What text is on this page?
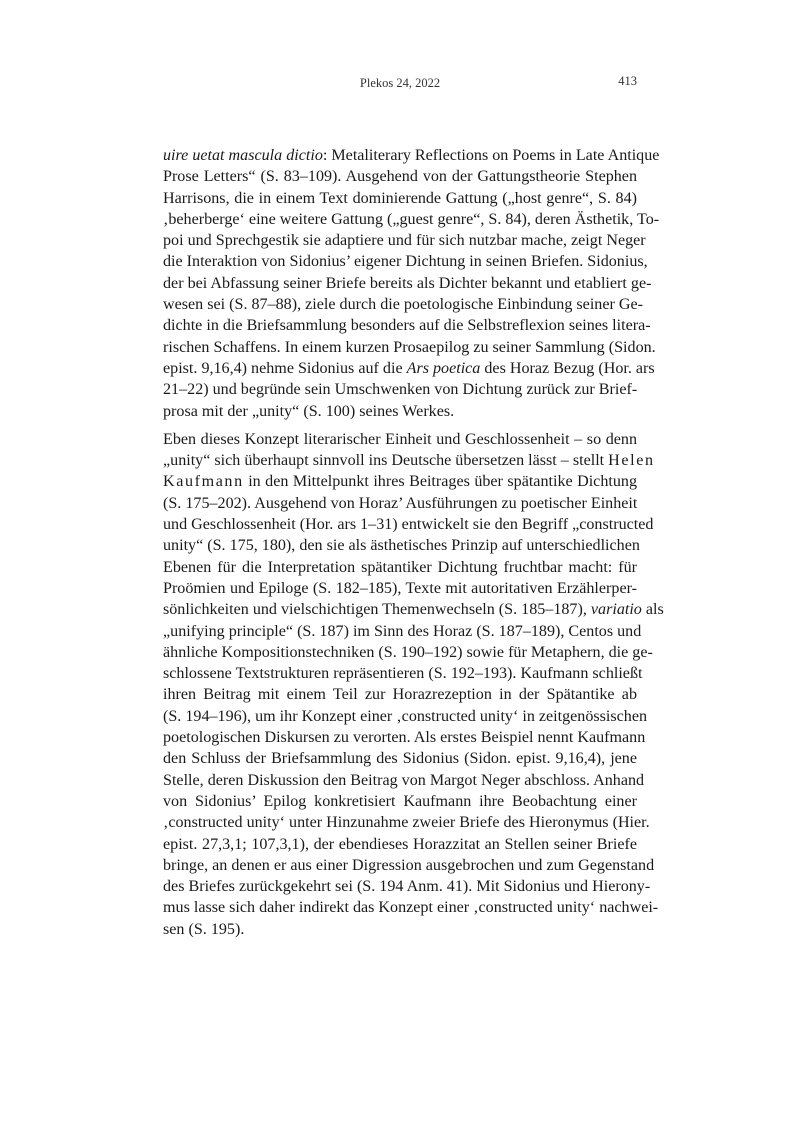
Plekos 24, 2022	413

uire uetat mascula dictio: Metaliterary Reflections on Poems in Late Antique
Prose Letters“ (S. 83–109). Ausgehend von der Gattungstheorie Stephen
Harrisons, die in einem Text dominierende Gattung („host genre“, S. 84)
‚beherberge‘ eine weitere Gattung („guest genre“, S. 84), deren Ästhetik, To-
poi und Sprechgestik sie adaptiere und für sich nutzbar mache, zeigt Neger
die Interaktion von Sidonius’ eigener Dichtung in seinen Briefen. Sidonius,
der bei Abfassung seiner Briefe bereits als Dichter bekannt und etabliert ge-
wesen sei (S. 87–88), ziele durch die poetologische Einbindung seiner Ge-
dichte in die Briefsammlung besonders auf die Selbstreflexion seines litera-
rischen Schaffens. In einem kurzen Prosaepilog zu seiner Sammlung (Sidon.
epist. 9,16,4) nehme Sidonius auf die Ars poetica des Horaz Bezug (Hor. ars
21–22) und begründe sein Umschwenken von Dichtung zurück zur Brief-
prosa mit der „unity“ (S. 100) seines Werkes.

Eben dieses Konzept literarischer Einheit und Geschlossenheit – so denn
„unity“ sich überhaupt sinnvoll ins Deutsche übersetzen lässt – stellt Helen
Kaufmann in den Mittelpunkt ihres Beitrages über spätantike Dichtung
(S. 175–202). Ausgehend von Horaz’ Ausführungen zu poetischer Einheit
und Geschlossenheit (Hor. ars 1–31) entwickelt sie den Begriff „constructed
unity“ (S. 175, 180), den sie als ästhetisches Prinzip auf unterschiedlichen
Ebenen für die Interpretation spätantiker Dichtung fruchtbar macht: für
Proömien und Epiloge (S. 182–185), Texte mit autoritativen Erzählerper-
sönlichkeiten und vielschichtigen Themenwechseln (S. 185–187), variatio als
„unifying principle“ (S. 187) im Sinn des Horaz (S. 187–189), Centos und
ähnliche Kompositionstechniken (S. 190–192) sowie für Metaphern, die ge-
schlossene Textstrukturen repräsentieren (S. 192–193). Kaufmann schließt
ihren Beitrag mit einem Teil zur Horazrezeption in der Spätantike ab
(S. 194–196), um ihr Konzept einer ‚constructed unity‘ in zeitgenössischen
poetologischen Diskursen zu verorten. Als erstes Beispiel nennt Kaufmann
den Schluss der Briefsammlung des Sidonius (Sidon. epist. 9,16,4), jene
Stelle, deren Diskussion den Beitrag von Margot Neger abschloss. Anhand
von Sidonius’ Epilog konkretisiert Kaufmann ihre Beobachtung einer
‚constructed unity‘ unter Hinzunahme zweier Briefe des Hieronymus (Hier.
epist. 27,3,1; 107,3,1), der ebendieses Horazzitat an Stellen seiner Briefe
bringe, an denen er aus einer Digression ausgebrochen und zum Gegenstand
des Briefes zurückgekehrt sei (S. 194 Anm. 41). Mit Sidonius und Hierony-
mus lasse sich daher indirekt das Konzept einer ‚constructed unity‘ nachwei-
sen (S. 195).
